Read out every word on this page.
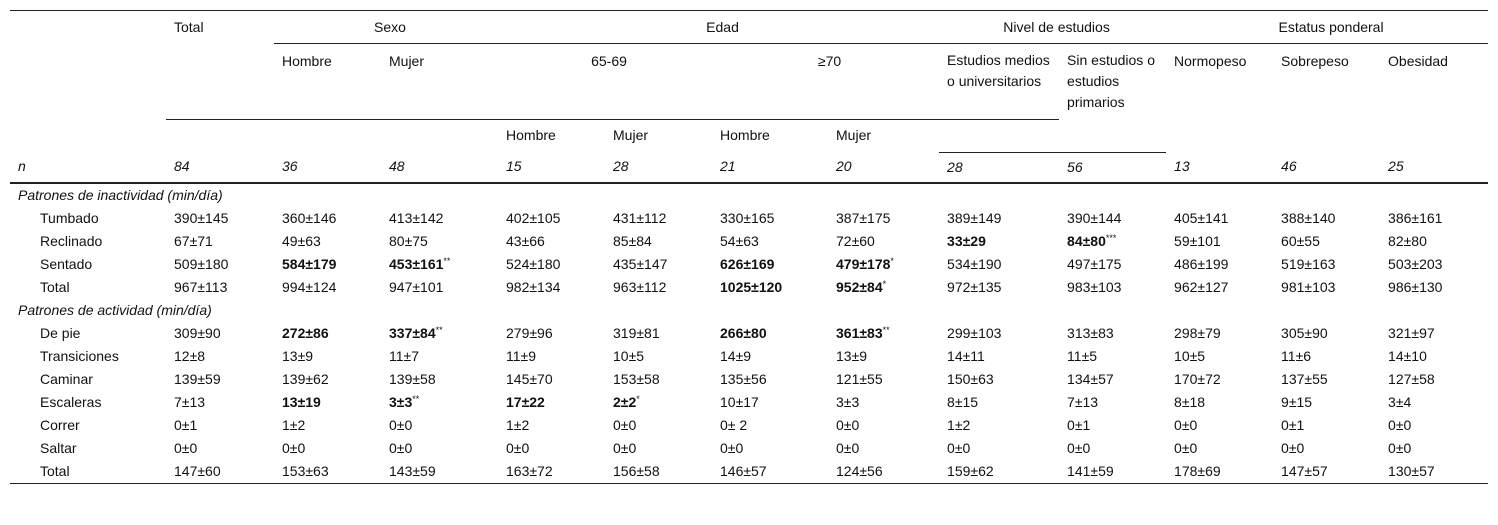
	Total	Sexo		Edad				Nivel de estudios		Estatus ponderal		
		Hombre	Mujer	65-69		≥70		Estudios medios o universitarios	Sin estudios o estudios primarios	Normopeso	Sobrepeso	Obesidad
				Hombre	Mujer	Hombre	Mujer					
n	84	36	48	15	28	21	20	28	56	13	46	25
Patrones de inactividad (min/día)												
Tumbado	390±145	360±146	413±142	402±105	431±112	330±165	387±175	389±149	390±144	405±141	388±140	386±161
Reclinado	67±71	49±63	80±75	43±66	85±84	54±63	72±60	33±29	84±80***	59±101	60±55	82±80
Sentado	509±180	584±179	453±161**	524±180	435±147	626±169	479±178*	534±190	497±175	486±199	519±163	503±203
Total	967±113	994±124	947±101	982±134	963±112	1025±120	952±84*	972±135	983±103	962±127	981±103	986±130
Patrones de actividad (min/día)												
De pie	309±90	272±86	337±84**	279±96	319±81	266±80	361±83**	299±103	313±83	298±79	305±90	321±97
Transiciones	12±8	13±9	11±7	11±9	10±5	14±9	13±9	14±11	11±5	10±5	11±6	14±10
Caminar	139±59	139±62	139±58	145±70	153±58	135±56	121±55	150±63	134±57	170±72	137±55	127±58
Escaleras	7±13	13±19	3±3**	17±22	2±2*	10±17	3±3	8±15	7±13	8±18	9±15	3±4
Correr	0±1	1±2	0±0	1±2	0±0	0± 2	0±0	1±2	0±1	0±0	0±1	0±0
Saltar	0±0	0±0	0±0	0±0	0±0	0±0	0±0	0±0	0±0	0±0	0±0	0±0
Total	147±60	153±63	143±59	163±72	156±58	146±57	124±56	159±62	141±59	178±69	147±57	130±57
